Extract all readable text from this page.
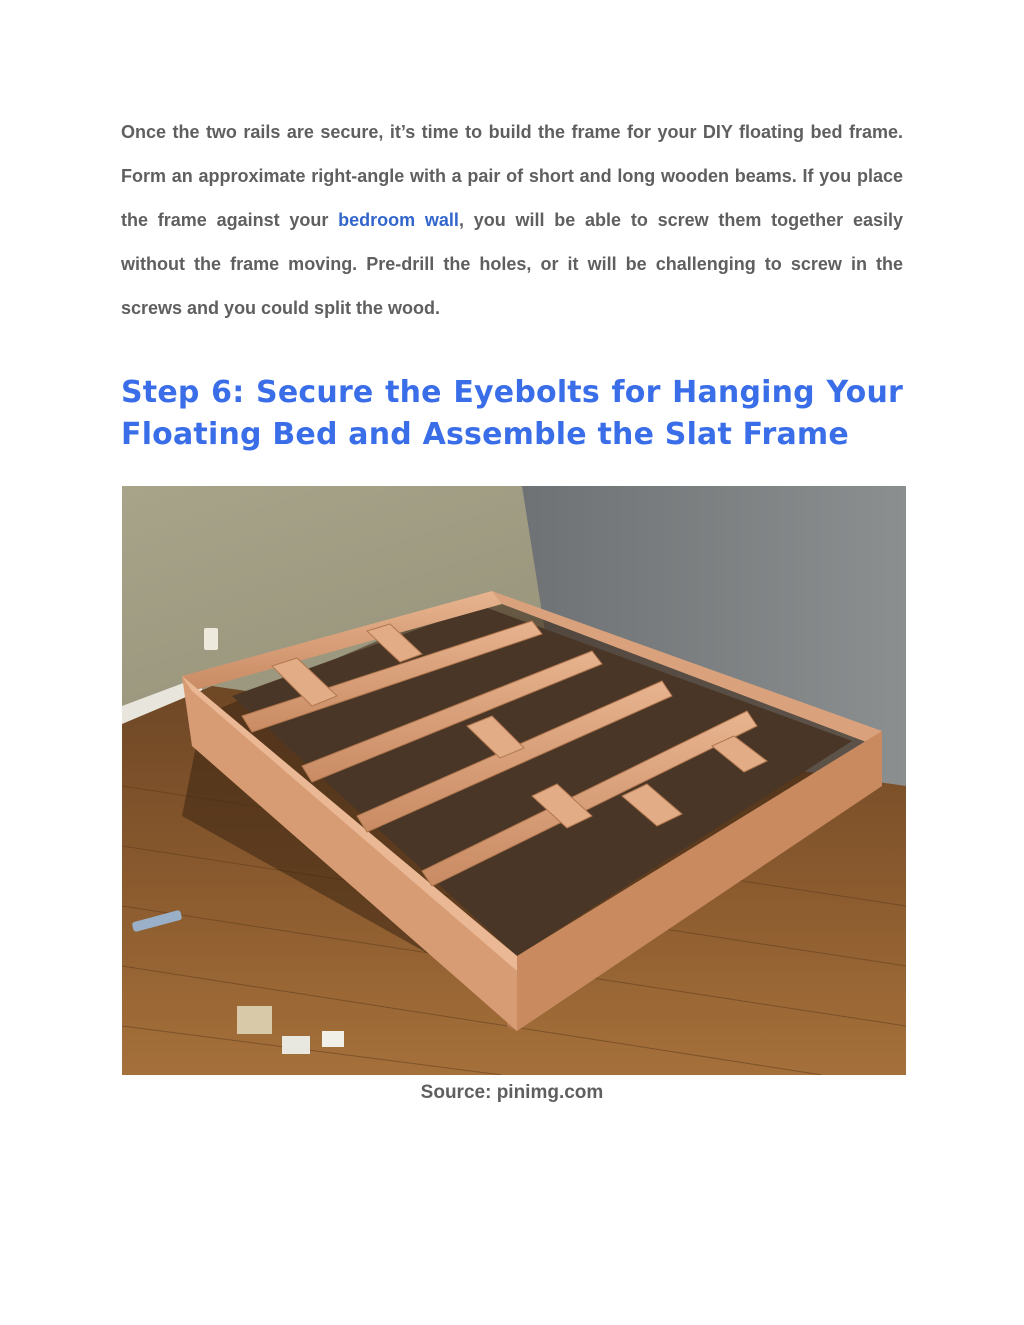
Once the two rails are secure, it’s time to build the frame for your DIY floating bed frame. Form an approximate right-angle with a pair of short and long wooden beams. If you place the frame against your bedroom wall, you will be able to screw them together easily without the frame moving. Pre-drill the holes, or it will be challenging to screw in the screws and you could split the wood.

Step 6: Secure the Eyebolts for Hanging Your Floating Bed and Assemble the Slat Frame
Source: pinimg.com
